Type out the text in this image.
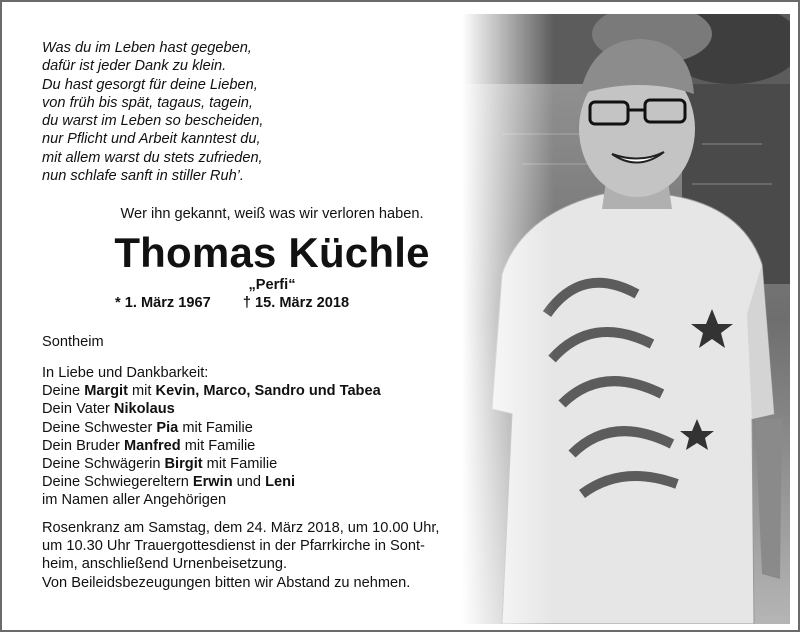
Was du im Leben hast gegeben,
dafür ist jeder Dank zu klein.
Du hast gesorgt für deine Lieben,
von früh bis spät, tagaus, tagein,
du warst im Leben so bescheiden,
nur Pflicht und Arbeit kanntest du,
mit allem warst du stets zufrieden,
nun schlafe sanft in stiller Ruh’.
Wer ihn gekannt, weiß was wir verloren haben.
Thomas Küchle
„Perfi“
* 1. März 1967 † 15. März 2018
Sontheim
In Liebe und Dankbarkeit:
Deine Margit mit Kevin, Marco, Sandro und Tabea
Dein Vater Nikolaus
Deine Schwester Pia mit Familie
Dein Bruder Manfred mit Familie
Deine Schwägerin Birgit mit Familie
Deine Schwiegereltern Erwin und Leni
im Namen aller Angehörigen
Rosenkranz am Samstag, dem 24. März 2018, um 10.00 Uhr,
um 10.30 Uhr Trauergottesdienst in der Pfarrkirche in Sont-
heim, anschließend Urnenbeisetzung.
Von Beileidsbezeugungen bitten wir Abstand zu nehmen.
